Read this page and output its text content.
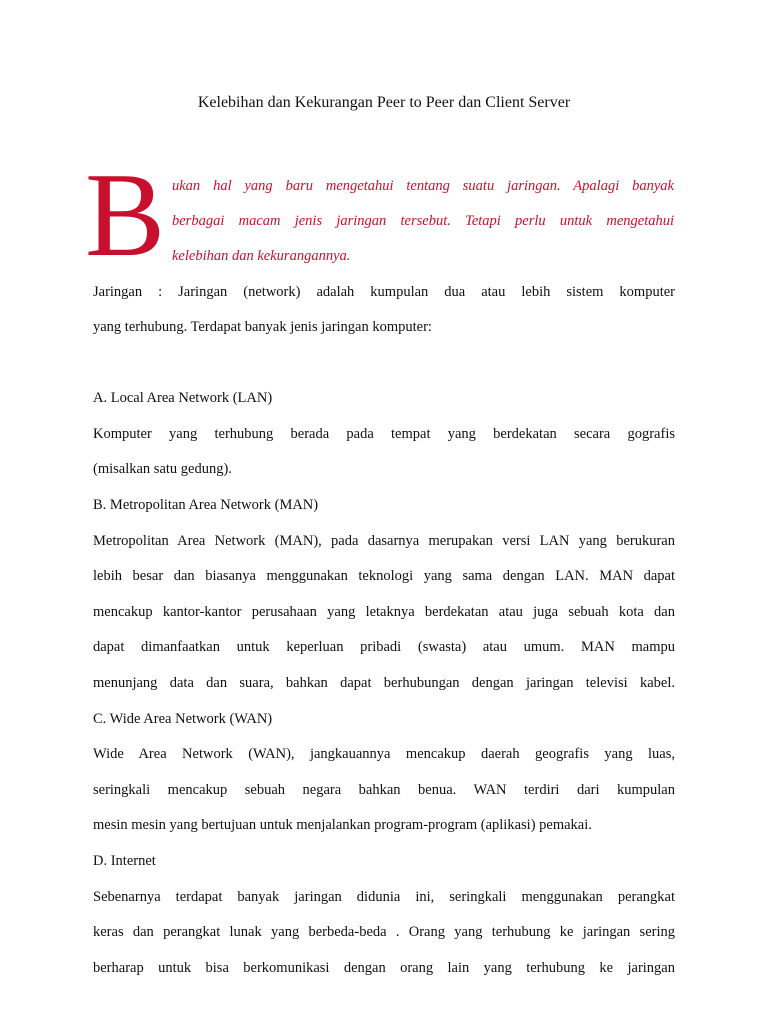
Kelebihan dan Kekurangan Peer to Peer dan Client Server
B ukan hal yang baru mengetahui tentang suatu jaringan. Apalagi banyak
berbagai macam jenis jaringan tersebut. Tetapi perlu untuk mengetahui
kelebihan dan kekurangannya.
Jaringan : Jaringan (network) adalah kumpulan dua atau lebih sistem komputer
yang terhubung. Terdapat banyak jenis jaringan komputer:
A. Local Area Network (LAN)
Komputer yang terhubung berada pada tempat yang berdekatan secara gografis
(misalkan satu gedung).
B. Metropolitan Area Network (MAN)
Metropolitan Area Network (MAN), pada dasarnya merupakan versi LAN yang berukuran
lebih besar dan biasanya menggunakan teknologi yang sama dengan LAN. MAN dapat
mencakup kantor-kantor perusahaan yang letaknya berdekatan atau juga sebuah kota dan
dapat dimanfaatkan untuk keperluan pribadi (swasta) atau umum. MAN mampu
menunjang data dan suara, bahkan dapat berhubungan dengan jaringan televisi kabel.
C. Wide Area Network (WAN)
Wide Area Network (WAN), jangkauannya mencakup daerah geografis yang luas,
seringkali mencakup sebuah negara bahkan benua. WAN terdiri dari kumpulan
mesin mesin yang bertujuan untuk menjalankan program-program (aplikasi) pemakai.
D. Internet
Sebenarnya terdapat banyak jaringan didunia ini, seringkali menggunakan perangkat
keras dan perangkat lunak yang berbeda-beda . Orang yang terhubung ke jaringan sering
berharap untuk bisa berkomunikasi dengan orang lain yang terhubung ke jaringan
